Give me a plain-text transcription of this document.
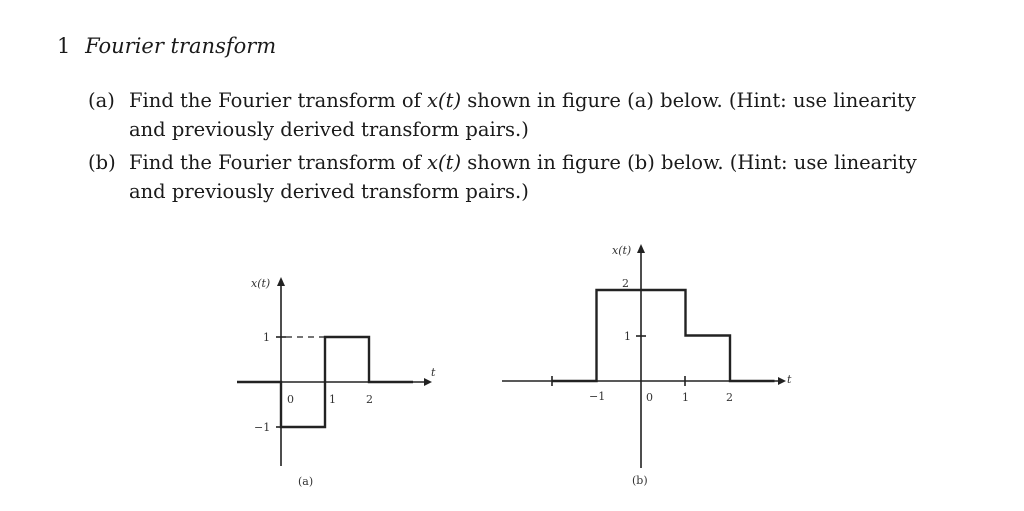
1 Fourier transform
(a) Find the Fourier transform of x(t) shown in figure (a) below. (Hint: use linearity
and previously derived transform pairs.)
(b) Find the Fourier transform of x(t) shown in figure (b) below. (Hint: use linearity
and previously derived transform pairs.)
x(t)
t
1
−1
0	1	2
(a)
x(t)
t
2
1
−1	0	1	2
(b)
